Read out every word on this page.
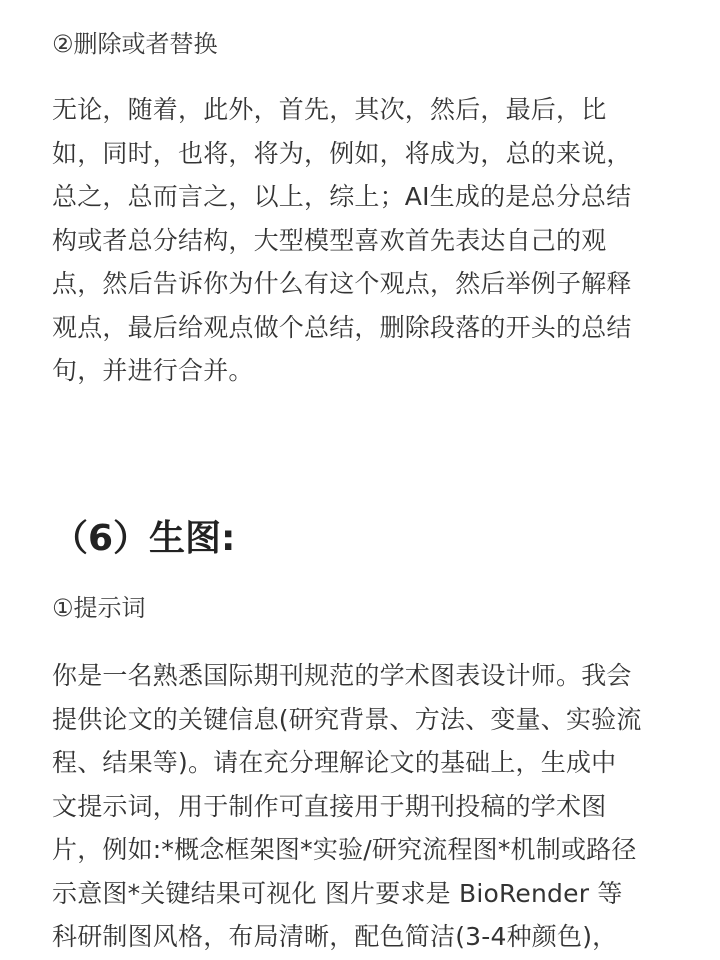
②删除或者替换

无论，随着，此外，首先，其次，然后，最后，比
如，同时，也将，将为，例如，将成为，总的来说，
总之，总而言之，以上，综上；AI生成的是总分总结
构或者总分结构，大型模型喜欢首先表达自己的观
点，然后告诉你为什么有这个观点，然后举例子解释
观点，最后给观点做个总结，删除段落的开头的总结
句，并进行合并。
（6）生图:

①提示词

你是一名熟悉国际期刊规范的学术图表设计师。我会
提供论文的关键信息(研究背景、方法、变量、实验流
程、结果等)。请在充分理解论文的基础上，生成中
文提示词，用于制作可直接用于期刊投稿的学术图
片，例如:*概念框架图*实验/研究流程图*机制或路径
示意图*关键结果可视化 图片要求是 BioRender 等
科研制图风格，布局清晰，配色简洁(3-4种颜色)，
